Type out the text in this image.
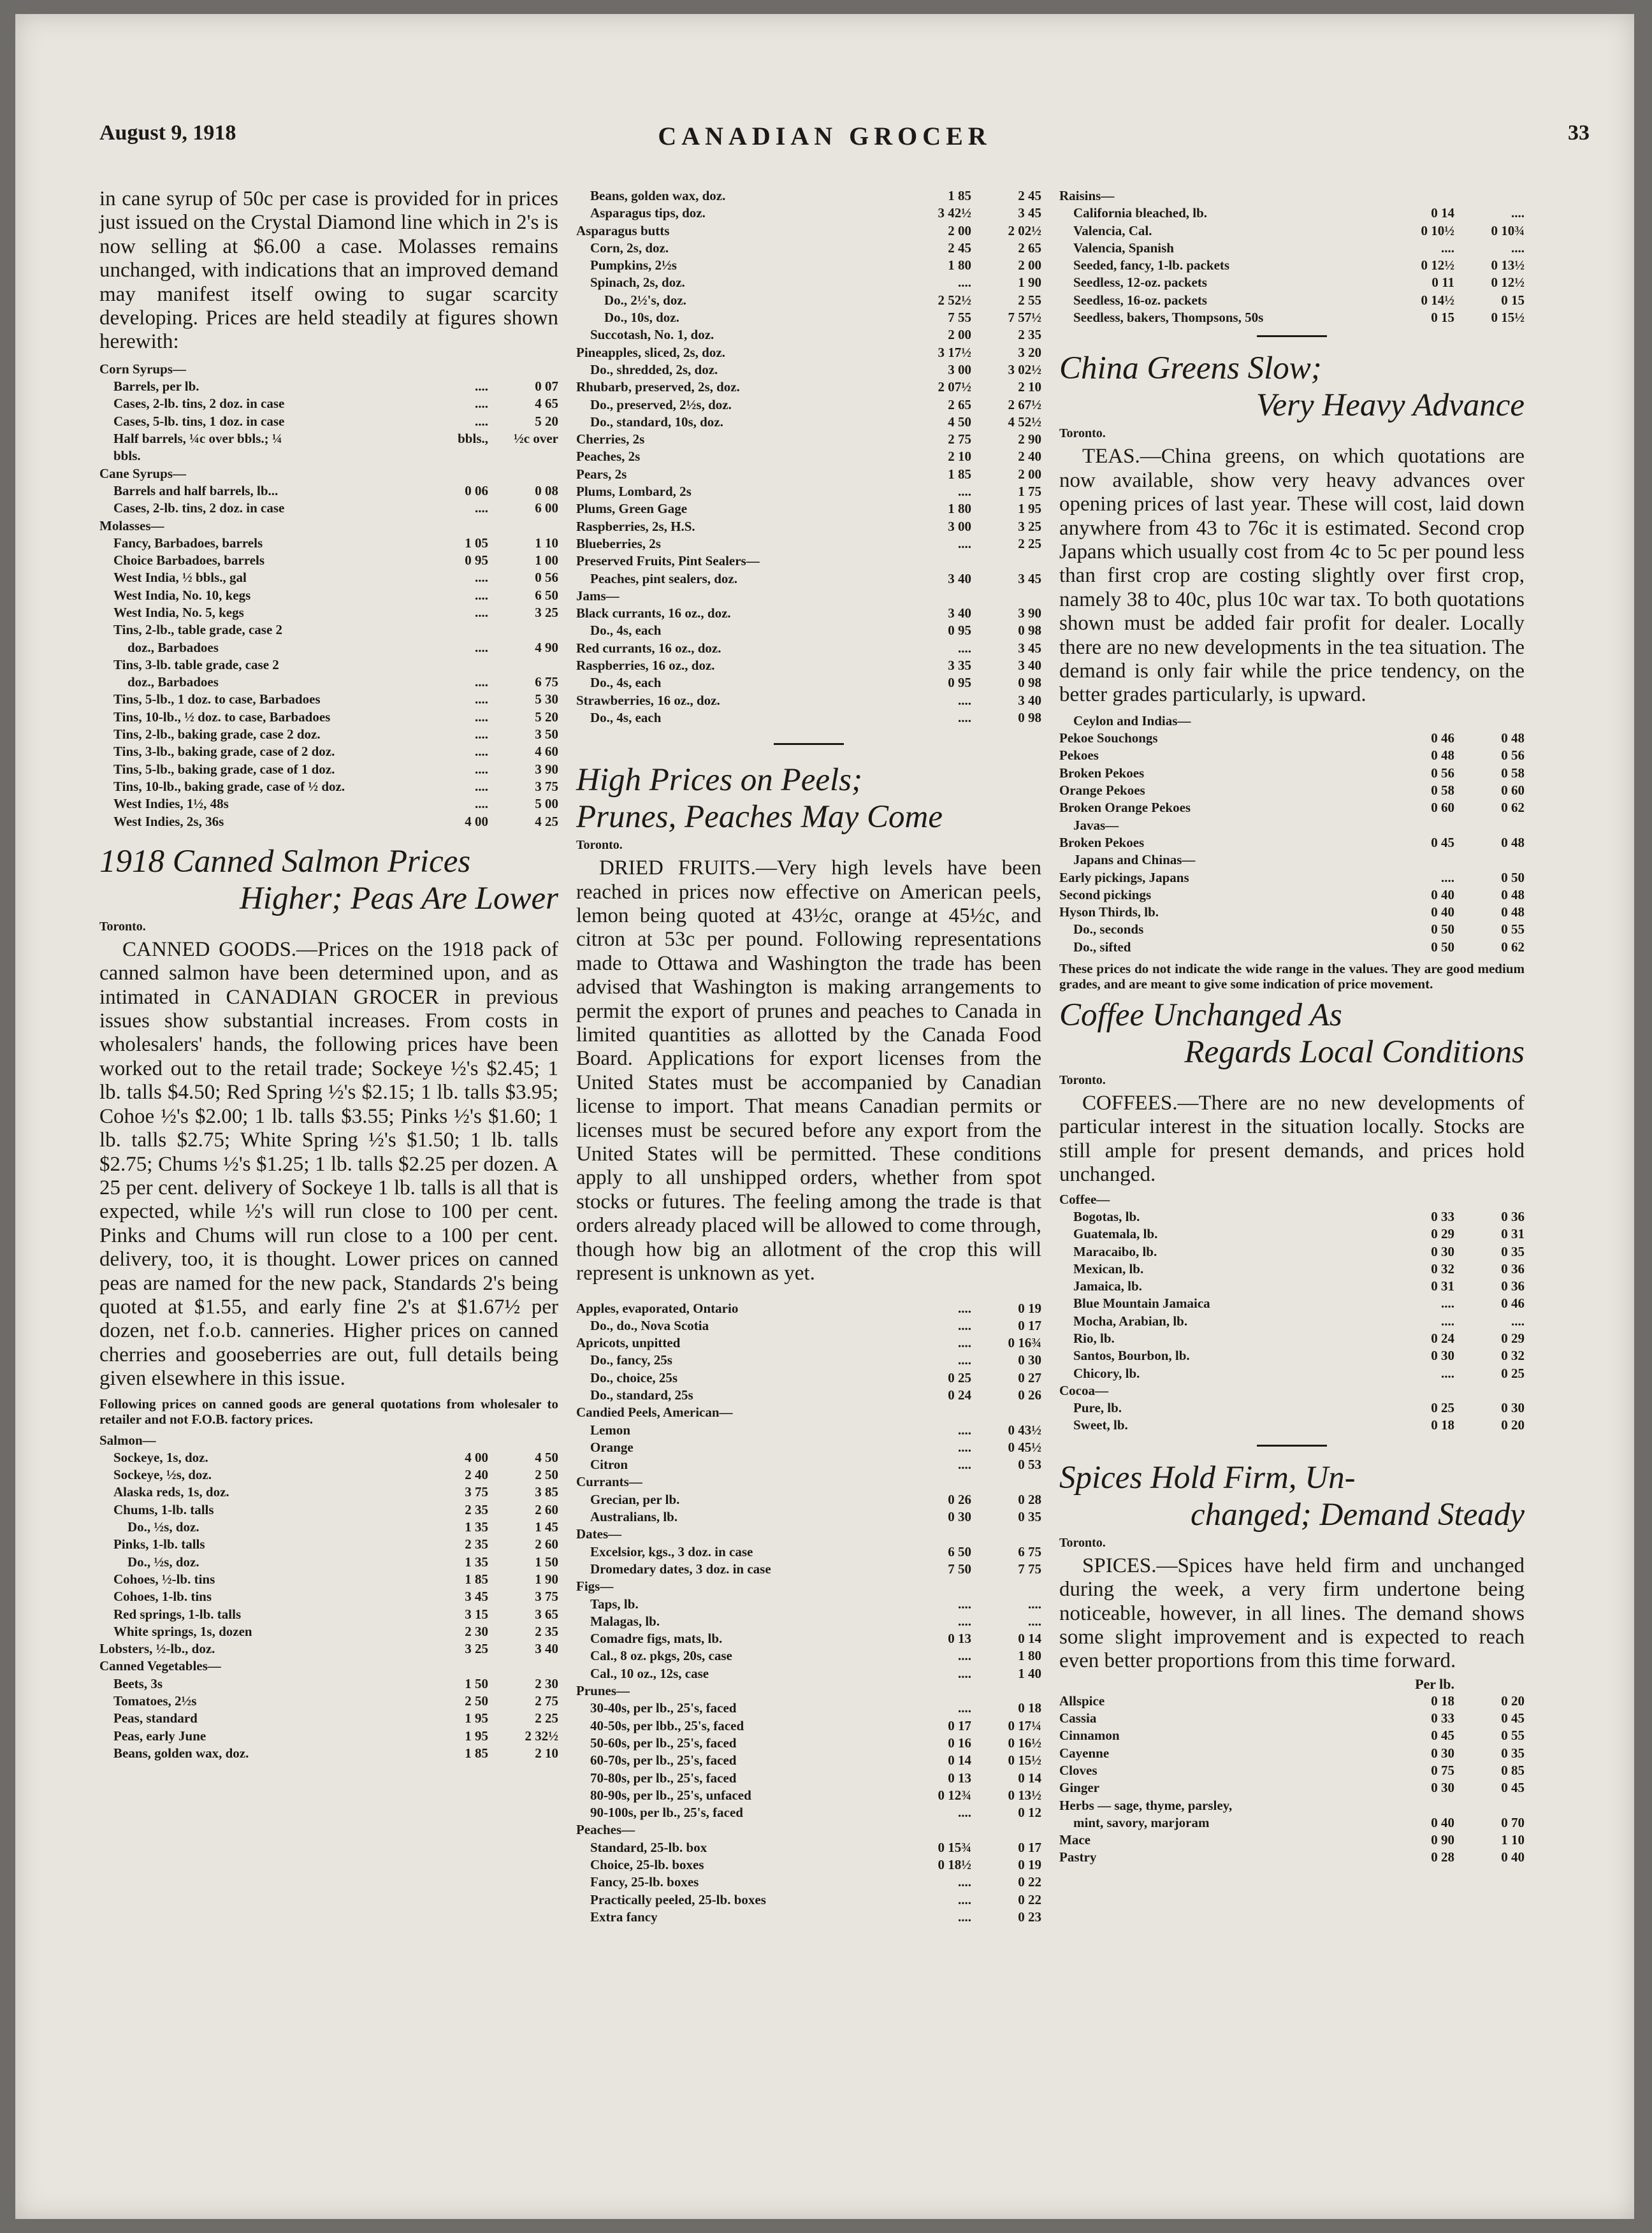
August 9, 1918	CANADIAN GROCER	33

in cane syrup of 50c per case is provided for in prices just issued on the Crystal Diamond line which in 2's is now selling at $6.00 a case. Molasses remains unchanged, with indications that an improved demand may manifest itself owing to sugar scarcity developing. Prices are held steadily at figures shown herewith:

Corn Syrups—		
Barrels, per lb.	....	0 07
Cases, 2-lb. tins, 2 doz. in case	....	4 65
Cases, 5-lb. tins, 1 doz. in case	....	5 20
Half barrels, ¼c over bbls.; ¼	bbls.,	½c over
bbls.		
Cane Syrups—		
Barrels and half barrels, lb...	0 06	0 08
Cases, 2-lb. tins, 2 doz. in case	....	6 00
Molasses—		
Fancy, Barbadoes, barrels	1 05	1 10
Choice Barbadoes, barrels	0 95	1 00
West India, ½ bbls., gal	....	0 56
West India, No. 10, kegs	....	6 50
West India, No. 5, kegs	....	3 25
Tins, 2-lb., table grade, case 2		
doz., Barbadoes	....	4 90
Tins, 3-lb. table grade, case 2		
doz., Barbadoes	....	6 75
Tins, 5-lb., 1 doz. to case, Barbadoes	....	5 30
Tins, 10-lb., ½ doz. to case, Barbadoes	....	5 20
Tins, 2-lb., baking grade, case 2 doz.	....	3 50
Tins, 3-lb., baking grade, case of 2 doz.	....	4 60
Tins, 5-lb., baking grade, case of 1 doz.	....	3 90
Tins, 10-lb., baking grade, case of ½ doz.	....	3 75
West Indies, 1½, 48s	....	5 00
West Indies, 2s, 36s	4 00	4 25
1918 Canned Salmon Prices
Higher; Peas Are Lower
Toronto.

CANNED GOODS.—Prices on the 1918 pack of canned salmon have been determined upon, and as intimated in CANADIAN GROCER in previous issues show substantial increases. From costs in wholesalers' hands, the following prices have been worked out to the retail trade; Sockeye ½'s $2.45; 1 lb. talls $4.50; Red Spring ½'s $2.15; 1 lb. talls $3.95; Cohoe ½'s $2.00; 1 lb. talls $3.55; Pinks ½'s $1.60; 1 lb. talls $2.75; White Spring ½'s $1.50; 1 lb. talls $2.75; Chums ½'s $1.25; 1 lb. talls $2.25 per dozen. A 25 per cent. delivery of Sockeye 1 lb. talls is all that is expected, while ½'s will run close to 100 per cent. Pinks and Chums will run close to a 100 per cent. delivery, too, it is thought. Lower prices on canned peas are named for the new pack, Standards 2's being quoted at $1.55, and early fine 2's at $1.67½ per dozen, net f.o.b. canneries. Higher prices on canned cherries and gooseberries are out, full details being given elsewhere in this issue.

Following prices on canned goods are general quotations from wholesaler to retailer and not F.O.B. factory prices.
Salmon—		
Sockeye, 1s, doz.	4 00	4 50
Sockeye, ½s, doz.	2 40	2 50
Alaska reds, 1s, doz.	3 75	3 85
Chums, 1-lb. talls	2 35	2 60
Do., ½s, doz.	1 35	1 45
Pinks, 1-lb. talls	2 35	2 60
Do., ½s, doz.	1 35	1 50
Cohoes, ½-lb. tins	1 85	1 90
Cohoes, 1-lb. tins	3 45	3 75
Red springs, 1-lb. talls	3 15	3 65
White springs, 1s, dozen	2 30	2 35
Lobsters, ½-lb., doz.	3 25	3 40
Canned Vegetables—		
Beets, 3s	1 50	2 30
Tomatoes, 2½s	2 50	2 75
Peas, standard	1 95	2 25
Peas, early June	1 95	2 32½
Beans, golden wax, doz.	1 85	2 10
Beans, golden wax, doz.	1 85	2 45
Asparagus tips, doz.	3 42½	3 45
Asparagus butts	2 00	2 02½
Corn, 2s, doz.	2 45	2 65
Pumpkins, 2½s	1 80	2 00
Spinach, 2s, doz.	....	1 90
Do., 2½'s, doz.	2 52½	2 55
Do., 10s, doz.	7 55	7 57½
Succotash, No. 1, doz.	2 00	2 35
Pineapples, sliced, 2s, doz.	3 17½	3 20
Do., shredded, 2s, doz.	3 00	3 02½
Rhubarb, preserved, 2s, doz.	2 07½	2 10
Do., preserved, 2½s, doz.	2 65	2 67½
Do., standard, 10s, doz.	4 50	4 52½
Cherries, 2s	2 75	2 90
Peaches, 2s	2 10	2 40
Pears, 2s	1 85	2 00
Plums, Lombard, 2s	....	1 75
Plums, Green Gage	1 80	1 95
Raspberries, 2s, H.S.	3 00	3 25
Blueberries, 2s	....	2 25
Preserved Fruits, Pint Sealers—		
Peaches, pint sealers, doz.	3 40	3 45
Jams—		
Black currants, 16 oz., doz.	3 40	3 90
Do., 4s, each	0 95	0 98
Red currants, 16 oz., doz.	....	3 45
Raspberries, 16 oz., doz.	3 35	3 40
Do., 4s, each	0 95	0 98
Strawberries, 16 oz., doz.	....	3 40
Do., 4s, each	....	0 98
High Prices on Peels;
Prunes, Peaches May Come
Toronto.

DRIED FRUITS.—Very high levels have been reached in prices now effective on American peels, lemon being quoted at 43½c, orange at 45½c, and citron at 53c per pound. Following representations made to Ottawa and Washington the trade has been advised that Washington is making arrangements to permit the export of prunes and peaches to Canada in limited quantities as allotted by the Canada Food Board. Applications for export licenses from the United States must be accompanied by Canadian license to import. That means Canadian permits or licenses must be secured before any export from the United States will be permitted. These conditions apply to all unshipped orders, whether from spot stocks or futures. The feeling among the trade is that orders already placed will be allowed to come through, though how big an allotment of the crop this will represent is unknown as yet.

Apples, evaporated, Ontario	....	0 19
Do., do., Nova Scotia	....	0 17
Apricots, unpitted	....	0 16¾
Do., fancy, 25s	....	0 30
Do., choice, 25s	0 25	0 27
Do., standard, 25s	0 24	0 26
Candied Peels, American—		
Lemon	....	0 43½
Orange	....	0 45½
Citron	....	0 53
Currants—		
Grecian, per lb.	0 26	0 28
Australians, lb.	0 30	0 35
Dates—		
Excelsior, kgs., 3 doz. in case	6 50	6 75
Dromedary dates, 3 doz. in case	7 50	7 75
Figs—		
Taps, lb.	....	....
Malagas, lb.	....	....
Comadre figs, mats, lb.	0 13	0 14
Cal., 8 oz. pkgs, 20s, case	....	1 80
Cal., 10 oz., 12s, case	....	1 40
Prunes—		
30-40s, per lb., 25's, faced	....	0 18
40-50s, per lbb., 25's, faced	0 17	0 17¼
50-60s, per lb., 25's, faced	0 16	0 16½
60-70s, per lb., 25's, faced	0 14	0 15½
70-80s, per lb., 25's, faced	0 13	0 14
80-90s, per lb., 25's, unfaced	0 12¾	0 13½
90-100s, per lb., 25's, faced	....	0 12
Peaches—		
Standard, 25-lb. box	0 15¾	0 17
Choice, 25-lb. boxes	0 18½	0 19
Fancy, 25-lb. boxes	....	0 22
Practically peeled, 25-lb. boxes	....	0 22
Extra fancy	....	0 23
Raisins—		
California bleached, lb.	0 14	....
Valencia, Cal.	0 10½	0 10¾
Valencia, Spanish	....	....
Seeded, fancy, 1-lb. packets	0 12½	0 13½
Seedless, 12-oz. packets	0 11	0 12½
Seedless, 16-oz. packets	0 14½	0 15
Seedless, bakers, Thompsons, 50s	0 15	0 15½
China Greens Slow;
Very Heavy Advance
Toronto.

TEAS.—China greens, on which quotations are now available, show very heavy advances over opening prices of last year. These will cost, laid down anywhere from 43 to 76c it is estimated. Second crop Japans which usually cost from 4c to 5c per pound less than first crop are costing slightly over first crop, namely 38 to 40c, plus 10c war tax. To both quotations shown must be added fair profit for dealer. Locally there are no new developments in the tea situation. The demand is only fair while the price tendency, on the better grades particularly, is upward.

Ceylon and Indias—		
Pekoe Souchongs	0 46	0 48
Pekoes	0 48	0 56
Broken Pekoes	0 56	0 58
Orange Pekoes	0 58	0 60
Broken Orange Pekoes	0 60	0 62
Javas—		
Broken Pekoes	0 45	0 48
Japans and Chinas—		
Early pickings, Japans	....	0 50
Second pickings	0 40	0 48
Hyson Thirds, lb.	0 40	0 48
Do., seconds	0 50	0 55
Do., sifted	0 50	0 62
These prices do not indicate the wide range in the values. They are good medium grades, and are meant to give some indication of price movement.
Coffee Unchanged As
Regards Local Conditions
Toronto.

COFFEES.—There are no new developments of particular interest in the situation locally. Stocks are still ample for present demands, and prices hold unchanged.

Coffee—		
Bogotas, lb.	0 33	0 36
Guatemala, lb.	0 29	0 31
Maracaibo, lb.	0 30	0 35
Mexican, lb.	0 32	0 36
Jamaica, lb.	0 31	0 36
Blue Mountain Jamaica	....	0 46
Mocha, Arabian, lb.	....	....
Rio, lb.	0 24	0 29
Santos, Bourbon, lb.	0 30	0 32
Chicory, lb.	....	0 25
Cocoa—		
Pure, lb.	0 25	0 30
Sweet, lb.	0 18	0 20
Spices Hold Firm, Un-
changed; Demand Steady
Toronto.

SPICES.—Spices have held firm and unchanged during the week, a very firm undertone being noticeable, however, in all lines. The demand shows some slight improvement and is expected to reach even better proportions from this time forward.

Per lb.
Allspice	0 18	0 20
Cassia	0 33	0 45
Cinnamon	0 45	0 55
Cayenne	0 30	0 35
Cloves	0 75	0 85
Ginger	0 30	0 45
Herbs — sage, thyme, parsley,		
mint, savory, marjoram	0 40	0 70
Mace	0 90	1 10
Pastry	0 28	0 40
